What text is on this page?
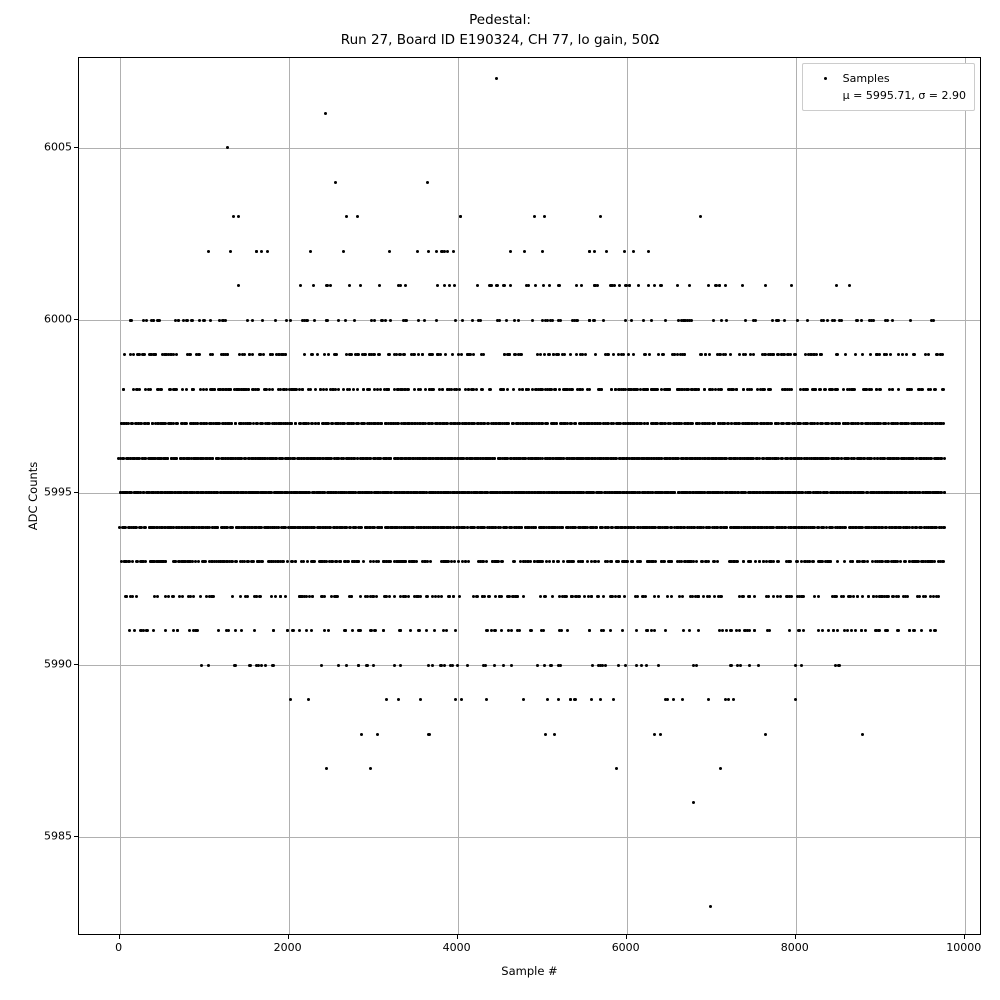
Pedestal:
Run 27, Board ID E190324, CH 77, lo gain, 50Ω
Samples
μ = 5995.71, σ = 2.90
0	2000	4000	6000	8000	10000
5985
5990
5995
6000
6005
Sample #
ADC Counts
